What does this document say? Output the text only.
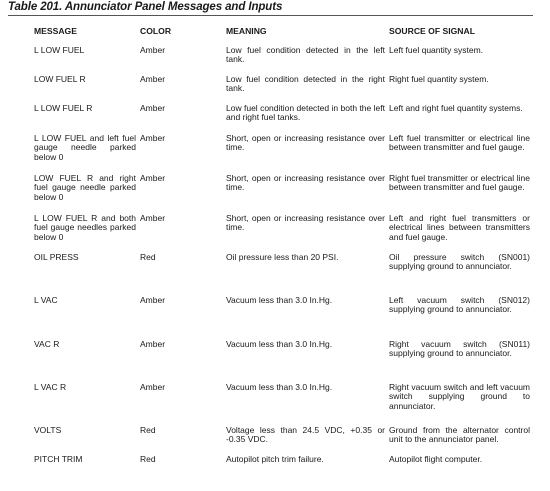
Table 201. Annunciator Panel Messages and Inputs
MESSAGE	COLOR	MEANING	SOURCE OF SIGNAL
L LOW FUEL	Amber	Low fuel condition detected in the left tank.	Left fuel quantity system.
LOW FUEL R	Amber	Low fuel condition detected in the right tank.	Right fuel quantity system.
L LOW FUEL R	Amber	Low fuel condition detected in both the left and right fuel tanks.	Left and right fuel quantity systems.
L LOW FUEL and left fuel gauge needle parked below 0	Amber	Short, open or increasing resistance over time.	Left fuel transmitter or electrical line between transmitter and fuel gauge.
LOW FUEL R and right fuel gauge needle parked below 0	Amber	Short, open or increasing resistance over time.	Right fuel transmitter or electrical line between transmitter and fuel gauge.
L LOW FUEL R and both fuel gauge needles parked below 0	Amber	Short, open or increasing resistance over time.	Left and right fuel transmitters or electrical lines between transmitters and fuel gauge.
OIL PRESS	Red	Oil pressure less than 20 PSI.	Oil pressure switch (SN001) supplying ground to annunciator.
L VAC	Amber	Vacuum less than 3.0 In.Hg.	Left vacuum switch (SN012) supplying ground to annunciator.
VAC R	Amber	Vacuum less than 3.0 In.Hg.	Right vacuum switch (SN011) supplying ground to annunciator.
L VAC R	Amber	Vacuum less than 3.0 In.Hg.	Right vacuum switch and left vacuum switch supplying ground to annunciator.
VOLTS	Red	Voltage less than 24.5 VDC, +0.35 or -0.35 VDC.	Ground from the alternator control unit to the annunciator panel.
PITCH TRIM	Red	Autopilot pitch trim failure.	Autopilot flight computer.
